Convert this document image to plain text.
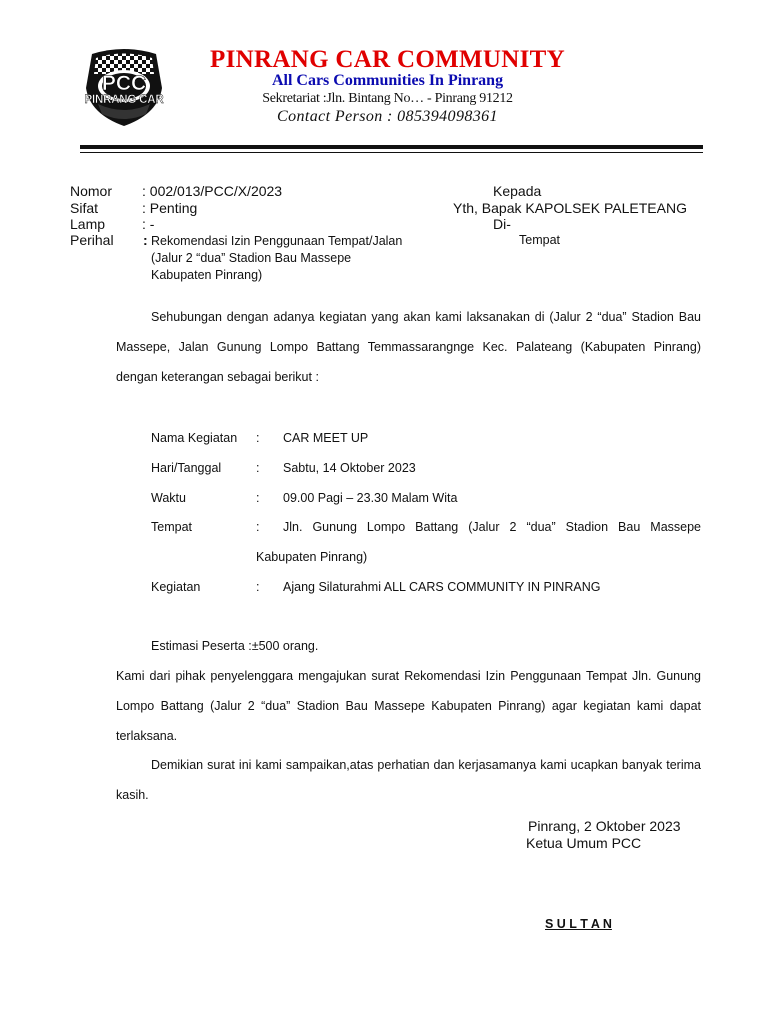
PCC
PINRANG CAR
PINRANG CAR COMMUNITY
All Cars Communities In Pinrang
Sekretariat :Jln. Bintang No… - Pinrang 91212
Contact Person : 085394098361
Nomor : 002/013/PCC/X/2023
Sifat	: Penting
Lamp	: -
Perihal : Rekomendasi Izin Penggunaan Tempat/Jalan
(Jalur 2 “dua” Stadion Bau Massepe
Kabupaten Pinrang)
Kepada
Yth, Bapak KAPOLSEK PALETEANG
Di-
Tempat
Sehubungan dengan adanya kegiatan yang akan kami laksanakan di (Jalur 2 “dua” Stadion Bau Massepe, Jalan Gunung Lompo Battang Temmassarangnge Kec. Palateang (Kabupaten Pinrang) dengan keterangan sebagai berikut :
Nama Kegiatan : CAR MEET UP
Hari/Tanggal	: Sabtu, 14 Oktober 2023
Waktu	: 09.00 Pagi – 23.30 Malam Wita
Tempat	: Jln. Gunung Lompo Battang (Jalur 2 “dua” Stadion Bau Massepe
Kabupaten Pinrang)
Kegiatan	: Ajang Silaturahmi ALL CARS COMMUNITY IN PINRANG
Estimasi Peserta :±500 orang.
Kami dari pihak penyelenggara mengajukan surat Rekomendasi Izin Penggunaan Tempat Jln. Gunung Lompo Battang (Jalur 2 “dua” Stadion Bau Massepe Kabupaten Pinrang) agar kegiatan kami dapat terlaksana.
Demikian surat ini kami sampaikan,atas perhatian dan kerjasamanya kami ucapkan banyak terima kasih.
Pinrang, 2 Oktober 2023
Ketua Umum PCC
S U L T A N
